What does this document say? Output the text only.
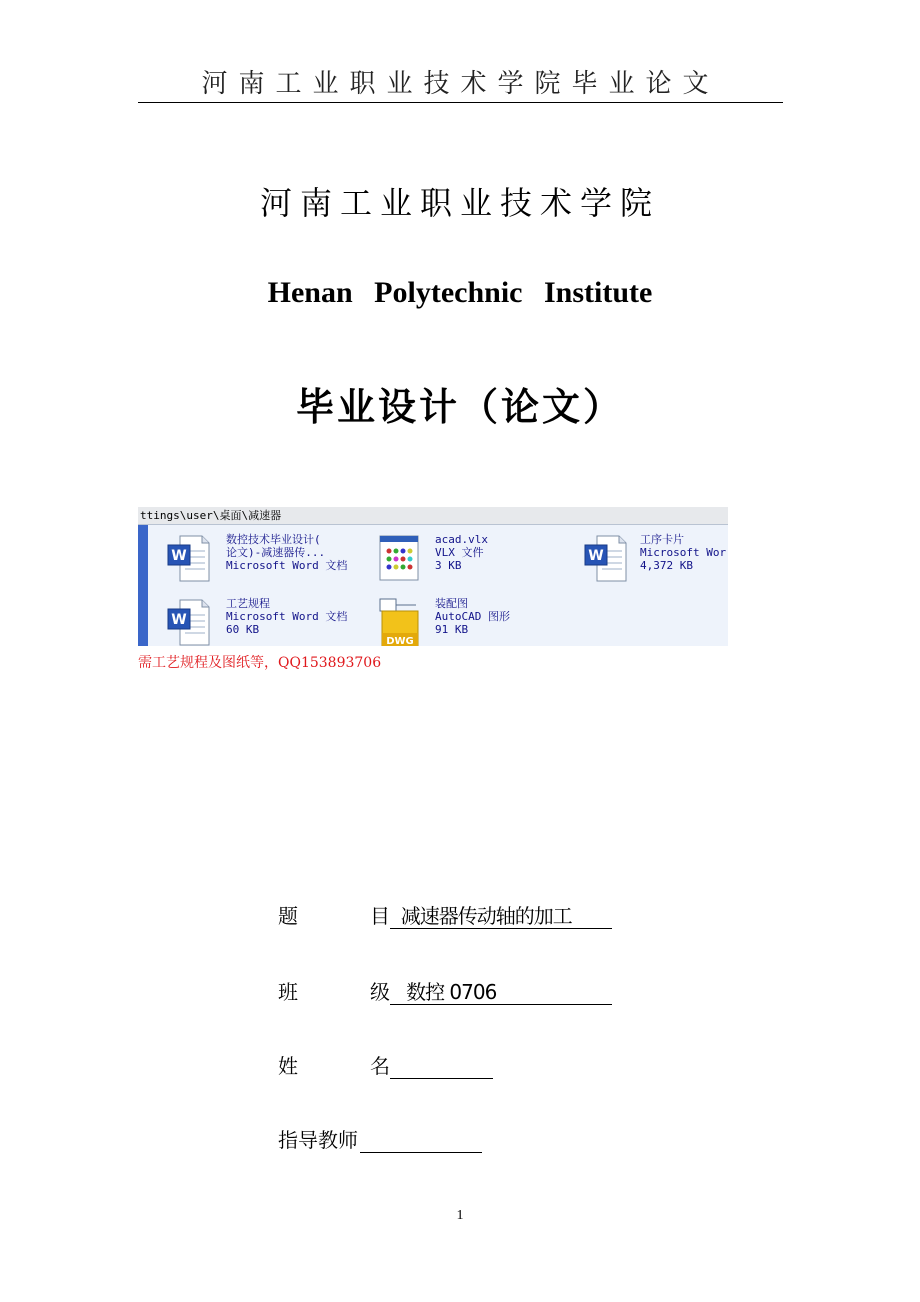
河南工业职业技术学院毕业论文
河南工业职业技术学院
Henan Polytechnic Institute
毕业设计（论文）
ttings\user\桌面\减速器
W
数控技术毕业设计(
论文)-减速器传...
Microsoft Word 文档
acad.vlx
VLX 文件
3 KB
W
工序卡片
Microsoft Wor
4,372 KB
W
工艺规程
Microsoft Word 文档
60 KB
DWG
装配图
AutoCAD 图形
91 KB
需工艺规程及图纸等，QQ153893706
题	目 减速器传动轴的加工
班	级 数控 0706
姓	名
指导教师
1
